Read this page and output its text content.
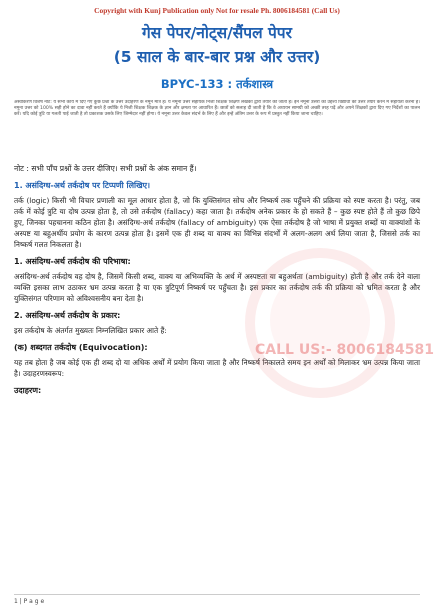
CALL US:- 8006184581
Copyright with Kunj Publication only Not for resale Ph. 8006184581 (Call Us)
गेस पेपर/नोट्स/सैंपल पेपर
(5 साल के बार-बार प्रश्न और उत्तर)
BPYC-133 : तर्कशास्त्र
अस्वीकरण विशेष नोट: ये सभी कार्य में दिए गए कुछ प्रश्नों के उत्तर उदाहरण के नमूने मात्र हैं। ये नमूना उत्तर सहायक निजी शिक्षक शिक्षण लेखकों द्वारा तैयार की जाती हैं। इन नमूना उत्तरों का उद्देश्य विद्यार्थी को उत्तर तैयार करने में सहायता करना है। नमूना उत्तर को 100% सही होने का दावा नहीं करते हैं क्योंकि ये निजी शिक्षक शिक्षक के ज्ञान और क्षमता पर आधारित हैं। छात्रों को सलाह दी जाती है कि वे अध्ययन सामग्री को अच्छी तरह पढ़ें और अपने शिक्षकों द्वारा दिए गए निर्देशों का पालन करें। यदि कोई त्रुटि या गलती पाई जाती है तो प्रकाशक उसके लिए जिम्मेदार नहीं होगा। ये नमूना उत्तर केवल संदर्भ के लिए हैं और इन्हें अंतिम उत्तर के रूप में प्रस्तुत नहीं किया जाना चाहिए।
नोट : सभी पाँच प्रश्नों के उत्तर दीजिए। सभी प्रश्नों के अंक समान हैं।
1. असंदिग्ध-अर्थ तर्कदोष पर टिप्पणी लिखिए।
तर्क (logic) किसी भी विचार प्रणाली का मूल आधार होता है, जो कि युक्तिसंगत सोच और निष्कर्ष तक पहुँचने की प्रक्रिया को स्पष्ट करता है। परंतु, जब तर्क में कोई त्रुटि या दोष उत्पन्न होता है, तो उसे तर्कदोष (fallacy) कहा जाता है। तर्कदोष अनेक प्रकार के हो सकते हैं – कुछ स्पष्ट होते हैं तो कुछ छिपे हुए, जिनका पहचानना कठिन होता है। असंदिग्ध-अर्थ तर्कदोष (fallacy of ambiguity) एक ऐसा तर्कदोष है जो भाषा में प्रयुक्त शब्दों या वाक्यांशों के अस्पष्ट या बहुअर्थीय प्रयोग के कारण उत्पन्न होता है। इसमें एक ही शब्द या वाक्य का विभिन्न संदर्भों में अलग-अलग अर्थ लिया जाता है, जिससे तर्क का निष्कर्ष गलत निकलता है।
1. असंदिग्ध-अर्थ तर्कदोष की परिभाषा:
असंदिग्ध-अर्थ तर्कदोष वह दोष है, जिसमें किसी शब्द, वाक्य या अभिव्यक्ति के अर्थ में अस्पष्टता या बहुअर्थता (ambiguity) होती है और तर्क देने वाला व्यक्ति इसका लाभ उठाकर भ्रम उत्पन्न करता है या एक त्रुटिपूर्ण निष्कर्ष पर पहुँचता है। इस प्रकार का तर्कदोष तर्क की प्रक्रिया को भ्रमित करता है और युक्तिसंगत परिणाम को अविश्वसनीय बना देता है।
2. असंदिग्ध-अर्थ तर्कदोष के प्रकार:
इस तर्कदोष के अंतर्गत मुख्यतः निम्नलिखित प्रकार आते हैं:
(क) शब्दगत तर्कदोष (Equivocation):
यह तब होता है जब कोई एक ही शब्द दो या अधिक अर्थों में प्रयोग किया जाता है और निष्कर्ष निकालते समय इन अर्थों को मिलाकर भ्रम उत्पन्न किया जाता है। उदाहरणस्वरूप:
उदाहरण:
1 | P a g e
